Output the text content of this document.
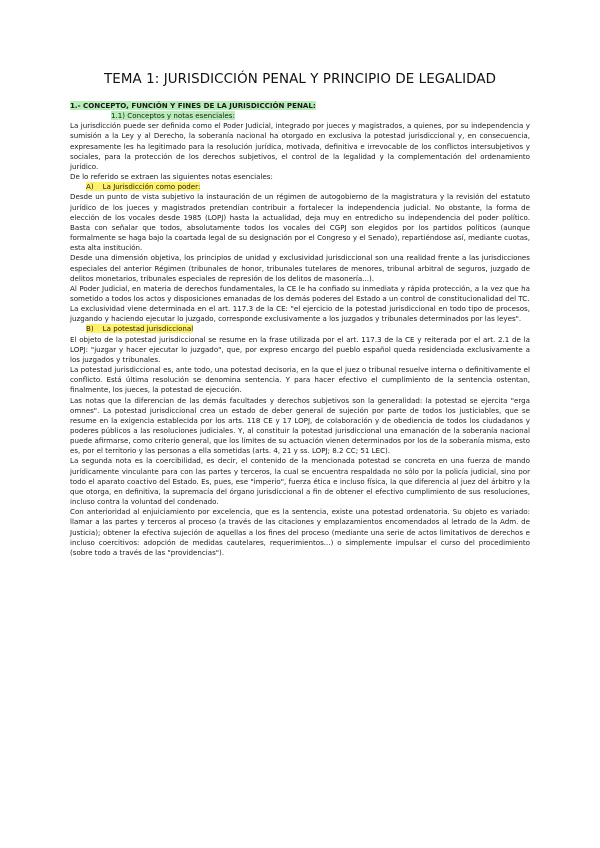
TEMA 1: JURISDICCIÓN PENAL Y PRINCIPIO DE LEGALIDAD
1.- CONCEPTO, FUNCIÓN Y FINES DE LA JURISDICCIÓN PENAL:
1.1) Conceptos y notas esenciales:

La jurisdicción puede ser definida como el Poder Judicial, integrado por jueces y magistrados, a quienes, por su independencia y sumisión a la Ley y al Derecho, la soberanía nacional ha otorgado en exclusiva la potestad jurisdiccional y, en consecuencia, expresamente les ha legitimado para la resolución jurídica, motivada, definitiva e irrevocable de los conflictos intersubjetivos y sociales, para la protección de los derechos subjetivos, el control de la legalidad y la complementación del ordenamiento jurídico.

De lo referido se extraen las siguientes notas esenciales:

A) La Jurisdicción como poder:

Desde un punto de vista subjetivo la instauración de un régimen de autogobierno de la magistratura y la revisión del estatuto jurídico de los jueces y magistrados pretendían contribuir a fortalecer la independencia judicial. No obstante, la forma de elección de los vocales desde 1985 (LOPJ) hasta la actualidad, deja muy en entredicho su independencia del poder político. Basta con señalar que todos, absolutamente todos los vocales del CGPJ son elegidos por los partidos políticos (aunque formalmente se haga bajo la coartada legal de su designación por el Congreso y el Senado), repartiéndose así, mediante cuotas, esta alta institución.

Desde una dimensión objetiva, los principios de unidad y exclusividad jurisdiccional son una realidad frente a las jurisdicciones especiales del anterior Régimen (tribunales de honor, tribunales tutelares de menores, tribunal arbitral de seguros, juzgado de delitos monetarios, tribunales especiales de represión de los delitos de masonería...).

Al Poder Judicial, en materia de derechos fundamentales, la CE le ha confiado su inmediata y rápida protección, a la vez que ha sometido a todos los actos y disposiciones emanadas de los demás poderes del Estado a un control de constitucionalidad del TC.

La exclusividad viene determinada en el art. 117.3 de la CE: "el ejercicio de la potestad jurisdiccional en todo tipo de procesos, juzgando y haciendo ejecutar lo juzgado, corresponde exclusivamente a los juzgados y tribunales determinados por las leyes".

B) La potestad jurisdiccional

El objeto de la potestad jurisdiccional se resume en la frase utilizada por el art. 117.3 de la CE y reiterada por el art. 2.1 de la LOPJ: "juzgar y hacer ejecutar lo juzgado", que, por expreso encargo del pueblo español queda residenciada exclusivamente a los juzgados y tribunales.

La potestad jurisdiccional es, ante todo, una potestad decisoria, en la que el juez o tribunal resuelve interna o definitivamente el conflicto. Está última resolución se denomina sentencia. Y para hacer efectivo el cumplimiento de la sentencia ostentan, finalmente, los jueces, la potestad de ejecución.

Las notas que la diferencian de las demás facultades y derechos subjetivos son la generalidad: la potestad se ejercita "erga omnes". La potestad jurisdiccional crea un estado de deber general de sujeción por parte de todos los justiciables, que se resume en la exigencia establecida por los arts. 118 CE y 17 LOPJ, de colaboración y de obediencia de todos los ciudadanos y poderes públicos a las resoluciones judiciales. Y, al constituir la potestad jurisdiccional una emanación de la soberanía nacional puede afirmarse, como criterio general, que los límites de su actuación vienen determinados por los de la soberanía misma, esto es, por el territorio y las personas a ella sometidas (arts. 4, 21 y ss. LOPJ; 8.2 CC; 51 LEC).

La segunda nota es la coercibilidad, es decir, el contenido de la mencionada potestad se concreta en una fuerza de mando jurídicamente vinculante para con las partes y terceros, la cual se encuentra respaldada no sólo por la policía judicial, sino por todo el aparato coactivo del Estado. Es, pues, ese "imperio", fuerza ética e incluso física, la que diferencia al juez del árbitro y la que otorga, en definitiva, la supremacía del órgano jurisdiccional a fin de obtener el efectivo cumplimiento de sus resoluciones, incluso contra la voluntad del condenado.

Con anterioridad al enjuiciamiento por excelencia, que es la sentencia, existe una potestad ordenatoria. Su objeto es variado: llamar a las partes y terceros al proceso (a través de las citaciones y emplazamientos encomendados al letrado de la Adm. de Justicia); obtener la efectiva sujeción de aquellas a los fines del proceso (mediante una serie de actos limitativos de derechos e incluso coercitivos: adopción de medidas cautelares, requerimientos...) o simplemente impulsar el curso del procedimiento (sobre todo a través de las "providencias").
